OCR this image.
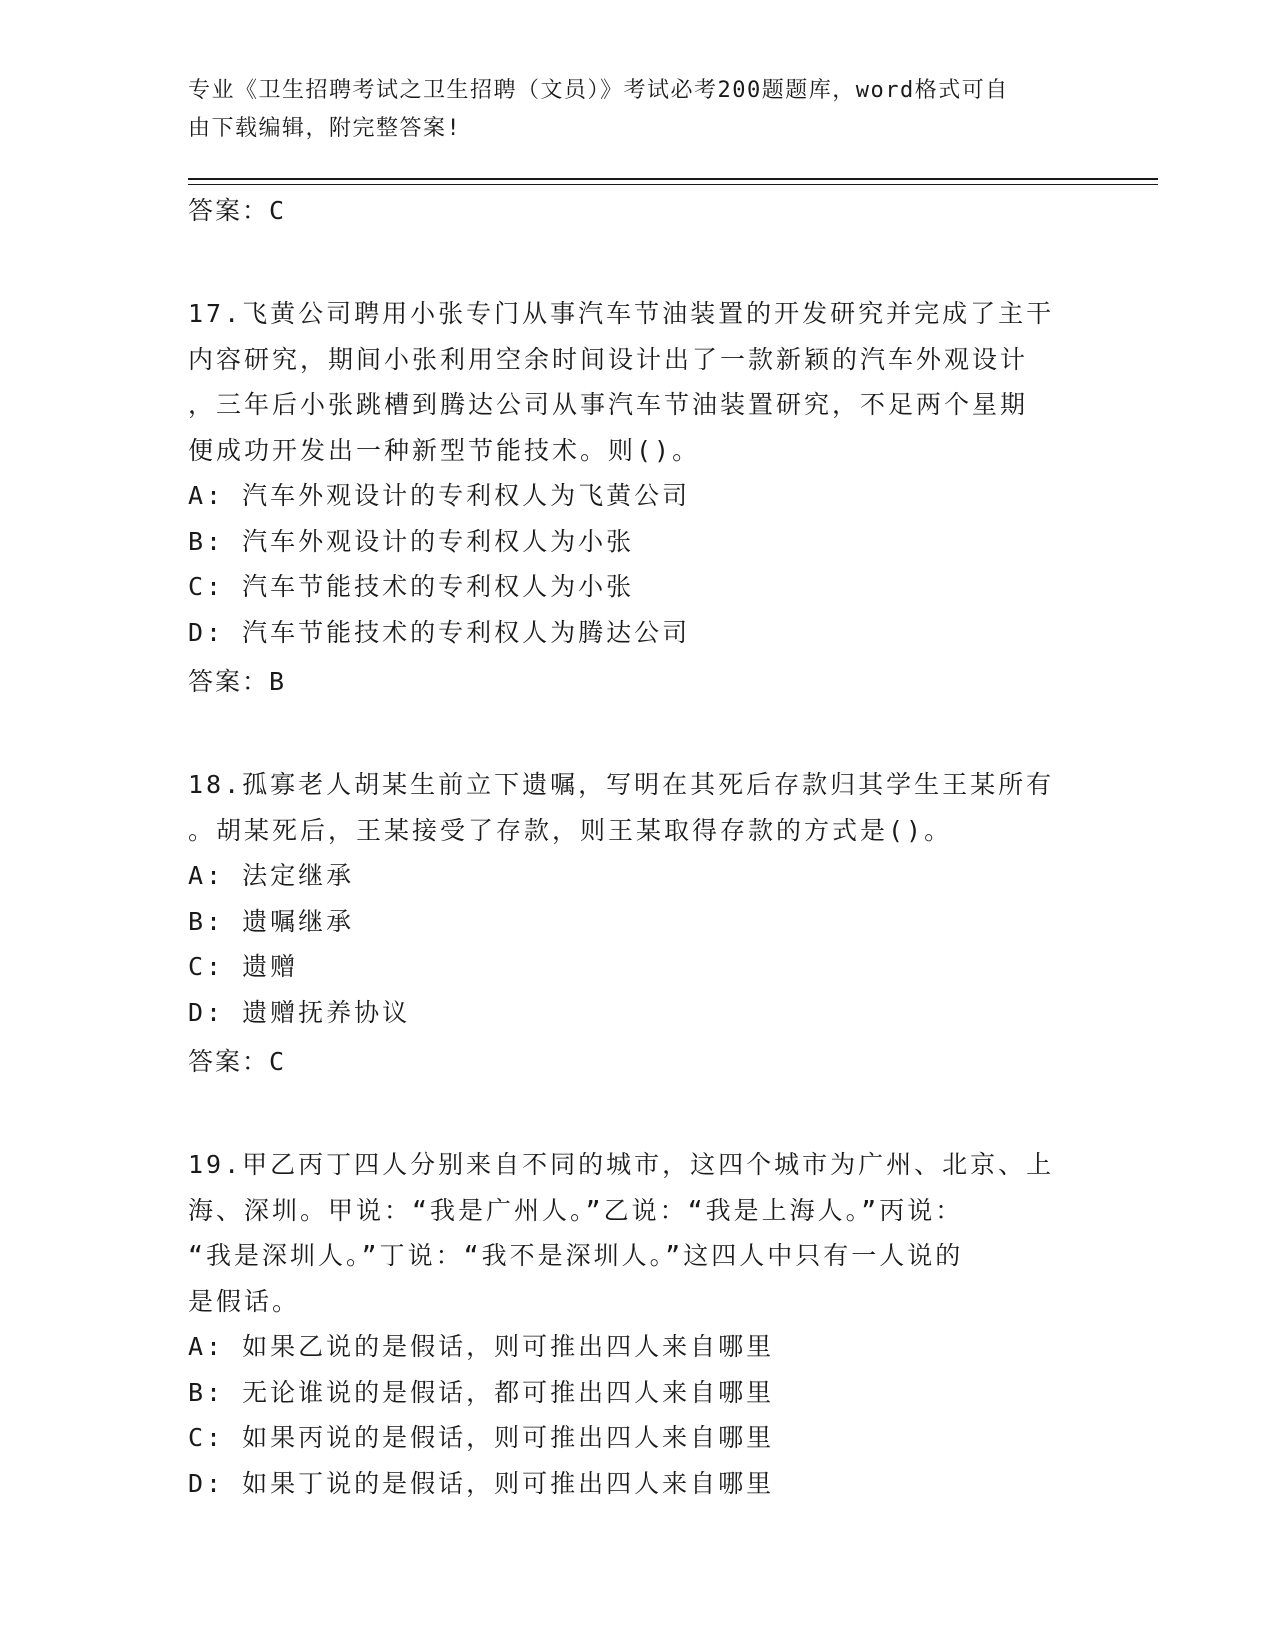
专业《卫生招聘考试之卫生招聘（文员）》考试必考200题题库，word格式可自
由下载编辑，附完整答案!
答案：C
17.飞黄公司聘用小张专门从事汽车节油装置的开发研究并完成了主干
内容研究，期间小张利用空余时间设计出了一款新颖的汽车外观设计
，三年后小张跳槽到腾达公司从事汽车节油装置研究，不足两个星期
便成功开发出一种新型节能技术。则()。
A: 汽车外观设计的专利权人为飞黄公司
B: 汽车外观设计的专利权人为小张
C: 汽车节能技术的专利权人为小张
D: 汽车节能技术的专利权人为腾达公司
答案：B
18.孤寡老人胡某生前立下遗嘱，写明在其死后存款归其学生王某所有
。胡某死后，王某接受了存款，则王某取得存款的方式是()。
A: 法定继承
B: 遗嘱继承
C: 遗赠
D: 遗赠抚养协议
答案：C
19.甲乙丙丁四人分别来自不同的城市，这四个城市为广州、北京、上
海、深圳。甲说：“我是广州人。”乙说：“我是上海人。”丙说：
“我是深圳人。”丁说：“我不是深圳人。”这四人中只有一人说的
是假话。
A: 如果乙说的是假话，则可推出四人来自哪里
B: 无论谁说的是假话，都可推出四人来自哪里
C: 如果丙说的是假话，则可推出四人来自哪里
D: 如果丁说的是假话，则可推出四人来自哪里
